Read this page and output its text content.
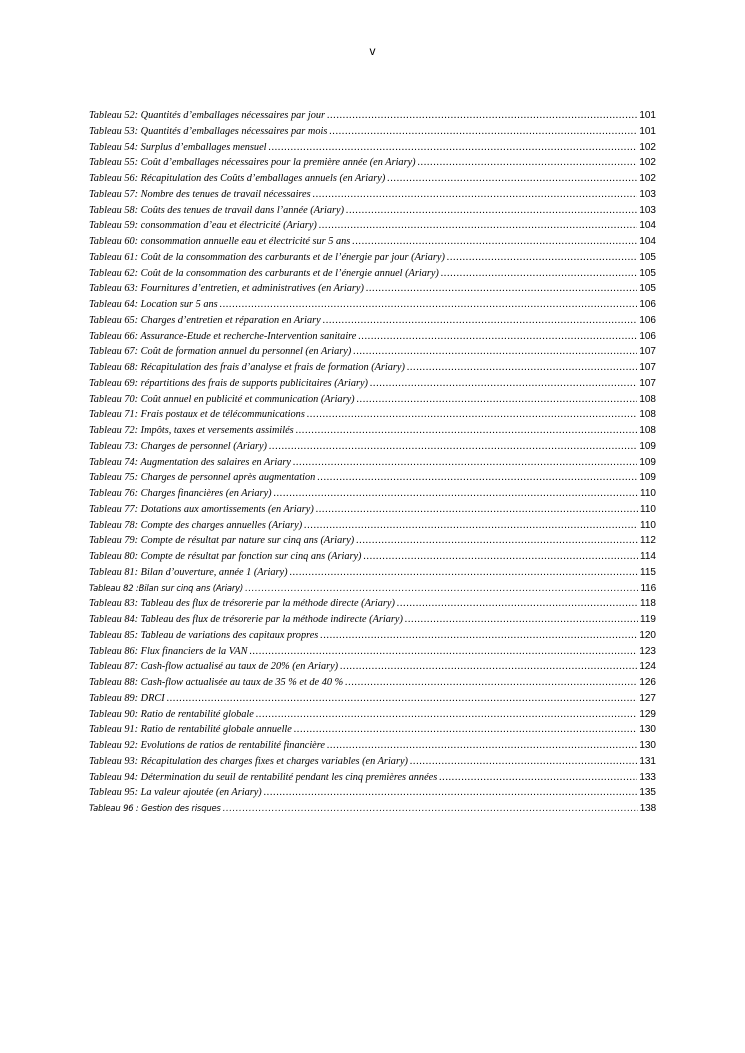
v
Tableau 52: Quantités d’emballages nécessaires par jour .....	101
Tableau 53: Quantités d’emballages nécessaires par mois .....	101
Tableau 54: Surplus d’emballages mensuel .....	102
Tableau 55: Coût d’emballages nécessaires pour la première année (en Ariary) .....	102
Tableau 56: Récapitulation des Coûts d’emballages annuels (en Ariary) .....	102
Tableau 57: Nombre des tenues de travail nécessaires .....	103
Tableau 58: Coûts des tenues de travail dans l’année (Ariary) .....	103
Tableau 59: consommation d’eau et électricité (Ariary) .....	104
Tableau 60: consommation annuelle eau et électricité sur 5 ans .....	104
Tableau 61: Coût de la consommation des carburants et de l’énergie par jour (Ariary) .....	105
Tableau 62: Coût de la consommation des carburants et de l’énergie annuel (Ariary) .....	105
Tableau 63: Fournitures d’entretien, et administratives (en Ariary) .....	105
Tableau 64: Location sur 5 ans .....	106
Tableau 65: Charges d’entretien et réparation en Ariary .....	106
Tableau 66: Assurance-Etude et recherche-Intervention sanitaire .....	106
Tableau 67: Coût de formation annuel du personnel (en Ariary) .....	107
Tableau 68: Récapitulation des frais d’analyse et frais de formation (Ariary) .....	107
Tableau 69: répartitions des frais de supports publicitaires (Ariary) .....	107
Tableau 70: Coût annuel en publicité et communication (Ariary) .....	108
Tableau 71: Frais postaux et de télécommunications .....	108
Tableau 72: Impôts, taxes et versements assimilés .....	108
Tableau 73: Charges de personnel (Ariary) .....	109
Tableau 74: Augmentation des salaires en Ariary .....	109
Tableau 75: Charges de personnel après augmentation .....	109
Tableau 76: Charges financières (en Ariary) .....	110
Tableau 77: Dotations aux amortissements (en Ariary) .....	110
Tableau 78: Compte des charges annuelles (Ariary) .....	110
Tableau 79: Compte de résultat par nature sur cinq ans (Ariary) .....	112
Tableau 80: Compte de résultat par fonction sur cinq ans (Ariary) .....	114
Tableau 81: Bilan d’ouverture, année 1 (Ariary) .....	115
Tableau 82 :Bilan sur cinq ans (Ariary) .....	116
Tableau 83: Tableau des flux de trésorerie par la méthode directe (Ariary) .....	118
Tableau 84: Tableau des flux de trésorerie par la méthode indirecte (Ariary) .....	119
Tableau 85: Tableau de variations des capitaux propres .....	120
Tableau 86: Flux financiers de la VAN .....	123
Tableau 87: Cash-flow actualisé au taux de 20% (en Ariary) .....	124
Tableau 88: Cash-flow actualisée au taux de 35 % et de 40 % .....	126
Tableau 89: DRCI .....	127
Tableau 90: Ratio de rentabilité globale .....	129
Tableau 91: Ratio de rentabilité globale annuelle .....	130
Tableau 92: Evolutions de ratios de rentabilité financière .....	130
Tableau 93: Récapitulation des charges fixes et charges variables (en Ariary) .....	131
Tableau 94: Détermination du seuil de rentabilité pendant les cinq premières années .....	133
Tableau 95: La valeur ajoutée (en Ariary) .....	135
Tableau 96 : Gestion des risques .....	138
